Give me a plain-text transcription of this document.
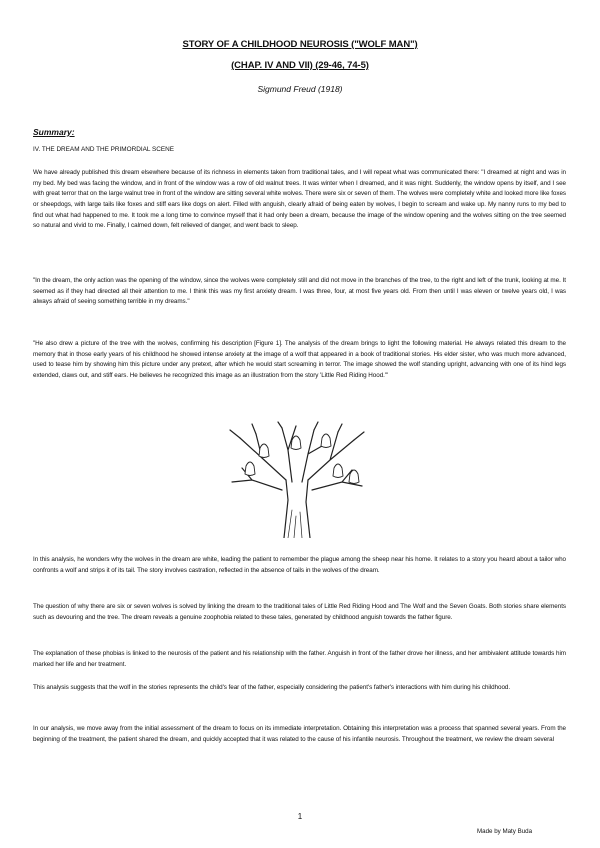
STORY OF A CHILDHOOD NEUROSIS ("WOLF MAN")
(CHAP. IV AND VII) (29-46, 74-5)
Sigmund Freud (1918)
Summary:
IV. THE DREAM AND THE PRIMORDIAL SCENE

We have already published this dream elsewhere because of its richness in elements taken from traditional tales, and I will repeat what was communicated there: "I dreamed at night and was in my bed. My bed was facing the window, and in front of the window was a row of old walnut trees. It was winter when I dreamed, and it was night. Suddenly, the window opens by itself, and I see with great terror that on the large walnut tree in front of the window are sitting several white wolves. There were six or seven of them. The wolves were completely white and looked more like foxes or sheepdogs, with large tails like foxes and stiff ears like dogs on alert. Filled with anguish, clearly afraid of being eaten by wolves, I begin to scream and wake up. My nanny runs to my bed to find out what had happened to me. It took me a long time to convince myself that it had only been a dream, because the image of the window opening and the wolves sitting on the tree seemed so natural and vivid to me. Finally, I calmed down, felt relieved of danger, and went back to sleep.

"In the dream, the only action was the opening of the window, since the wolves were completely still and did not move in the branches of the tree, to the right and left of the trunk, looking at me. It seemed as if they had directed all their attention to me. I think this was my first anxiety dream. I was three, four, at most five years old. From then until I was eleven or twelve years old, I was always afraid of seeing something terrible in my dreams."

"He also drew a picture of the tree with the wolves, confirming his description [Figure 1]. The analysis of the dream brings to light the following material. He always related this dream to the memory that in those early years of his childhood he showed intense anxiety at the image of a wolf that appeared in a book of traditional stories. His elder sister, who was much more advanced, used to tease him by showing him this picture under any pretext, after which he would start screaming in terror. The image showed the wolf standing upright, advancing with one of its hind legs extended, claws out, and stiff ears. He believes he recognized this image as an illustration from the story 'Little Red Riding Hood.'"

In this analysis, he wonders why the wolves in the dream are white, leading the patient to remember the plague among the sheep near his home. It relates to a story you heard about a tailor who confronts a wolf and strips it of its tail. The story involves castration, reflected in the absence of tails in the wolves of the dream.

The question of why there are six or seven wolves is solved by linking the dream to the traditional tales of Little Red Riding Hood and The Wolf and the Seven Goats. Both stories share elements such as devouring and the tree. The dream reveals a genuine zoophobia related to these tales, generated by childhood anguish towards the father figure.

The explanation of these phobias is linked to the neurosis of the patient and his relationship with the father. Anguish in front of the father drove her illness, and her ambivalent attitude towards him marked her life and her treatment.

This analysis suggests that the wolf in the stories represents the child's fear of the father, especially considering the patient's father's interactions with him during his childhood.

In our analysis, we move away from the initial assessment of the dream to focus on its immediate interpretation. Obtaining this interpretation was a process that spanned several years. From the beginning of the treatment, the patient shared the dream, and quickly accepted that it was related to the cause of his infantile neurosis. Throughout the treatment, we review the dream several

1
Made by Maty Buda
